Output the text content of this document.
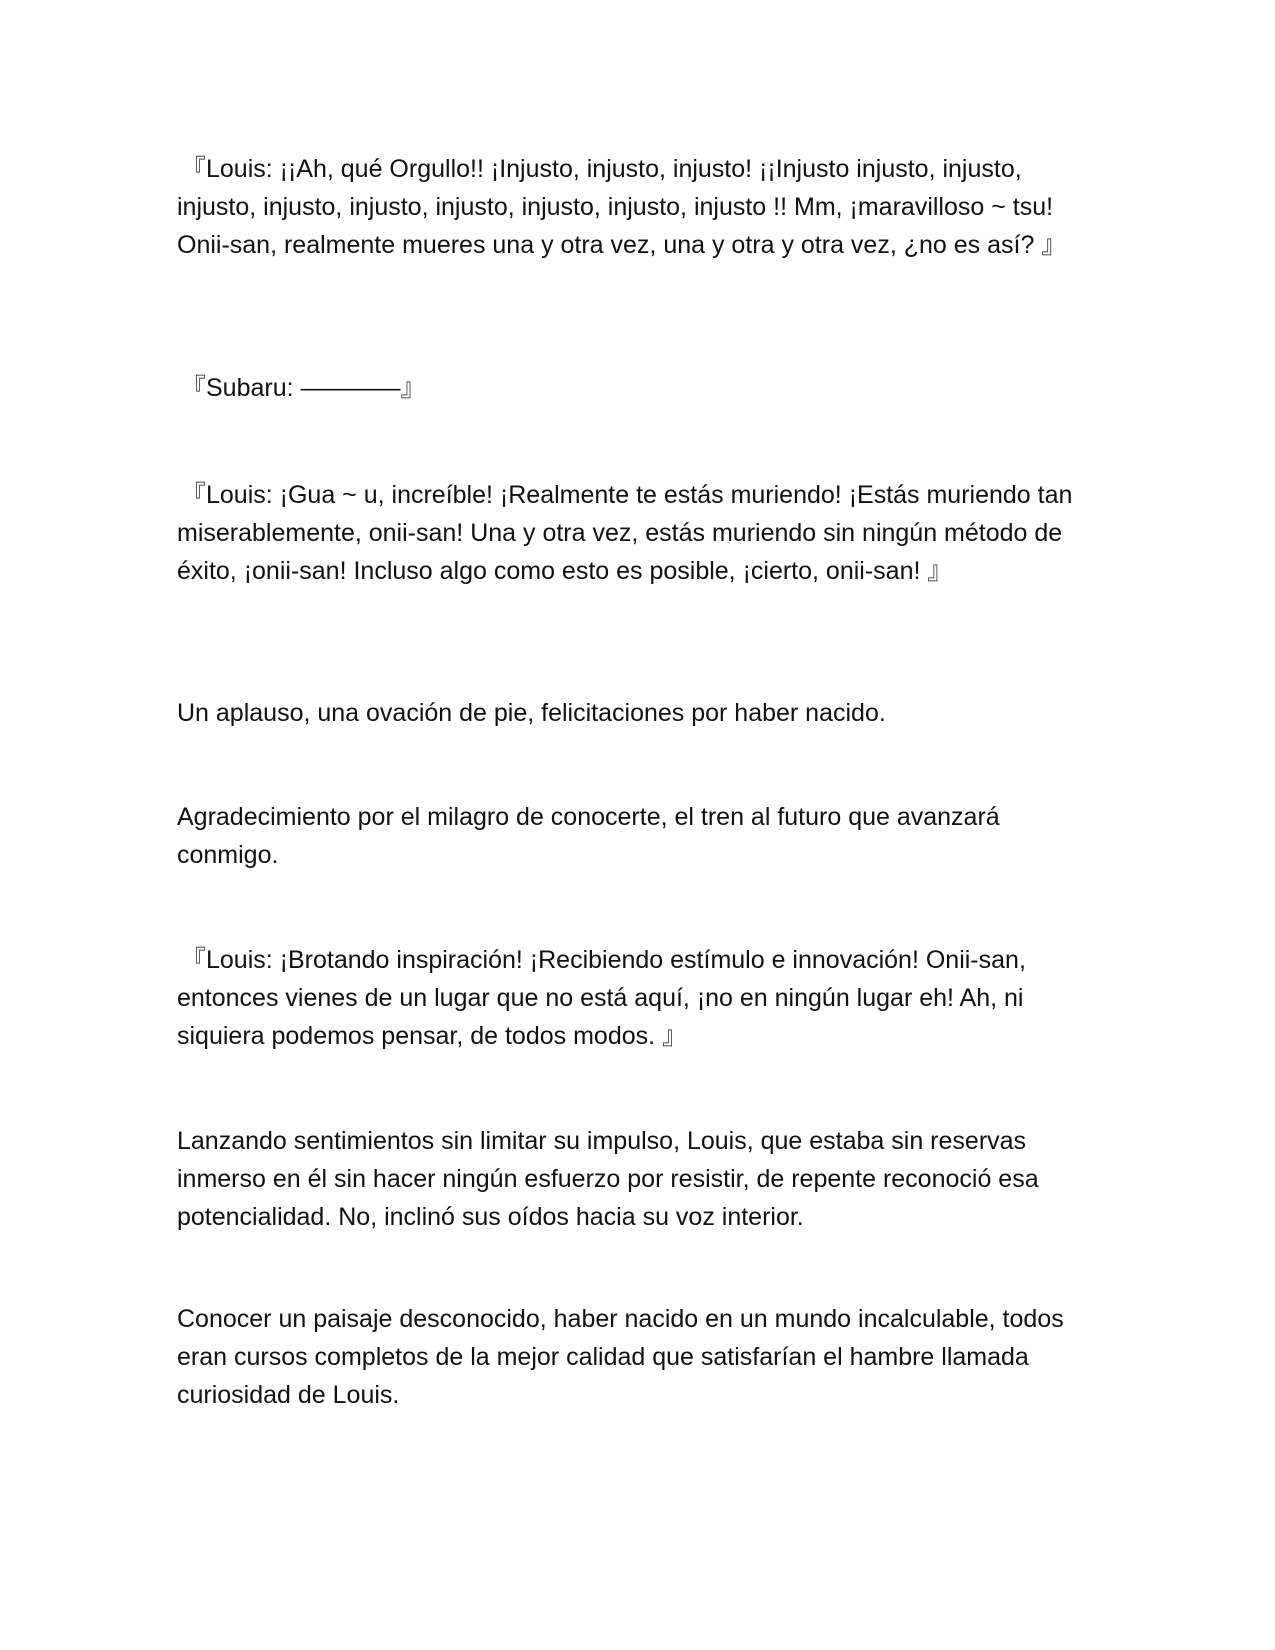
『Louis: ¡¡Ah, qué Orgullo!! ¡Injusto, injusto, injusto! ¡¡Injusto injusto, injusto, injusto, injusto, injusto, injusto, injusto, injusto, injusto !! Mm, ¡maravilloso ~ tsu! Onii-san, realmente mueres una y otra vez, una y otra y otra vez, ¿no es así? 』

『Subaru: ————』

『Louis: ¡Gua ~ u, increíble! ¡Realmente te estás muriendo! ¡Estás muriendo tan miserablemente, onii-san! Una y otra vez, estás muriendo sin ningún método de éxito, ¡onii-san! Incluso algo como esto es posible, ¡cierto, onii-san! 』

Un aplauso, una ovación de pie, felicitaciones por haber nacido.

Agradecimiento por el milagro de conocerte, el tren al futuro que avanzará conmigo.

『Louis: ¡Brotando inspiración! ¡Recibiendo estímulo e innovación! Onii-san, entonces vienes de un lugar que no está aquí, ¡no en ningún lugar eh! Ah, ni siquiera podemos pensar, de todos modos. 』

Lanzando sentimientos sin limitar su impulso, Louis, que estaba sin reservas inmerso en él sin hacer ningún esfuerzo por resistir, de repente reconoció esa potencialidad. No, inclinó sus oídos hacia su voz interior.

Conocer un paisaje desconocido, haber nacido en un mundo incalculable, todos eran cursos completos de la mejor calidad que satisfarían el hambre llamada curiosidad de Louis.
